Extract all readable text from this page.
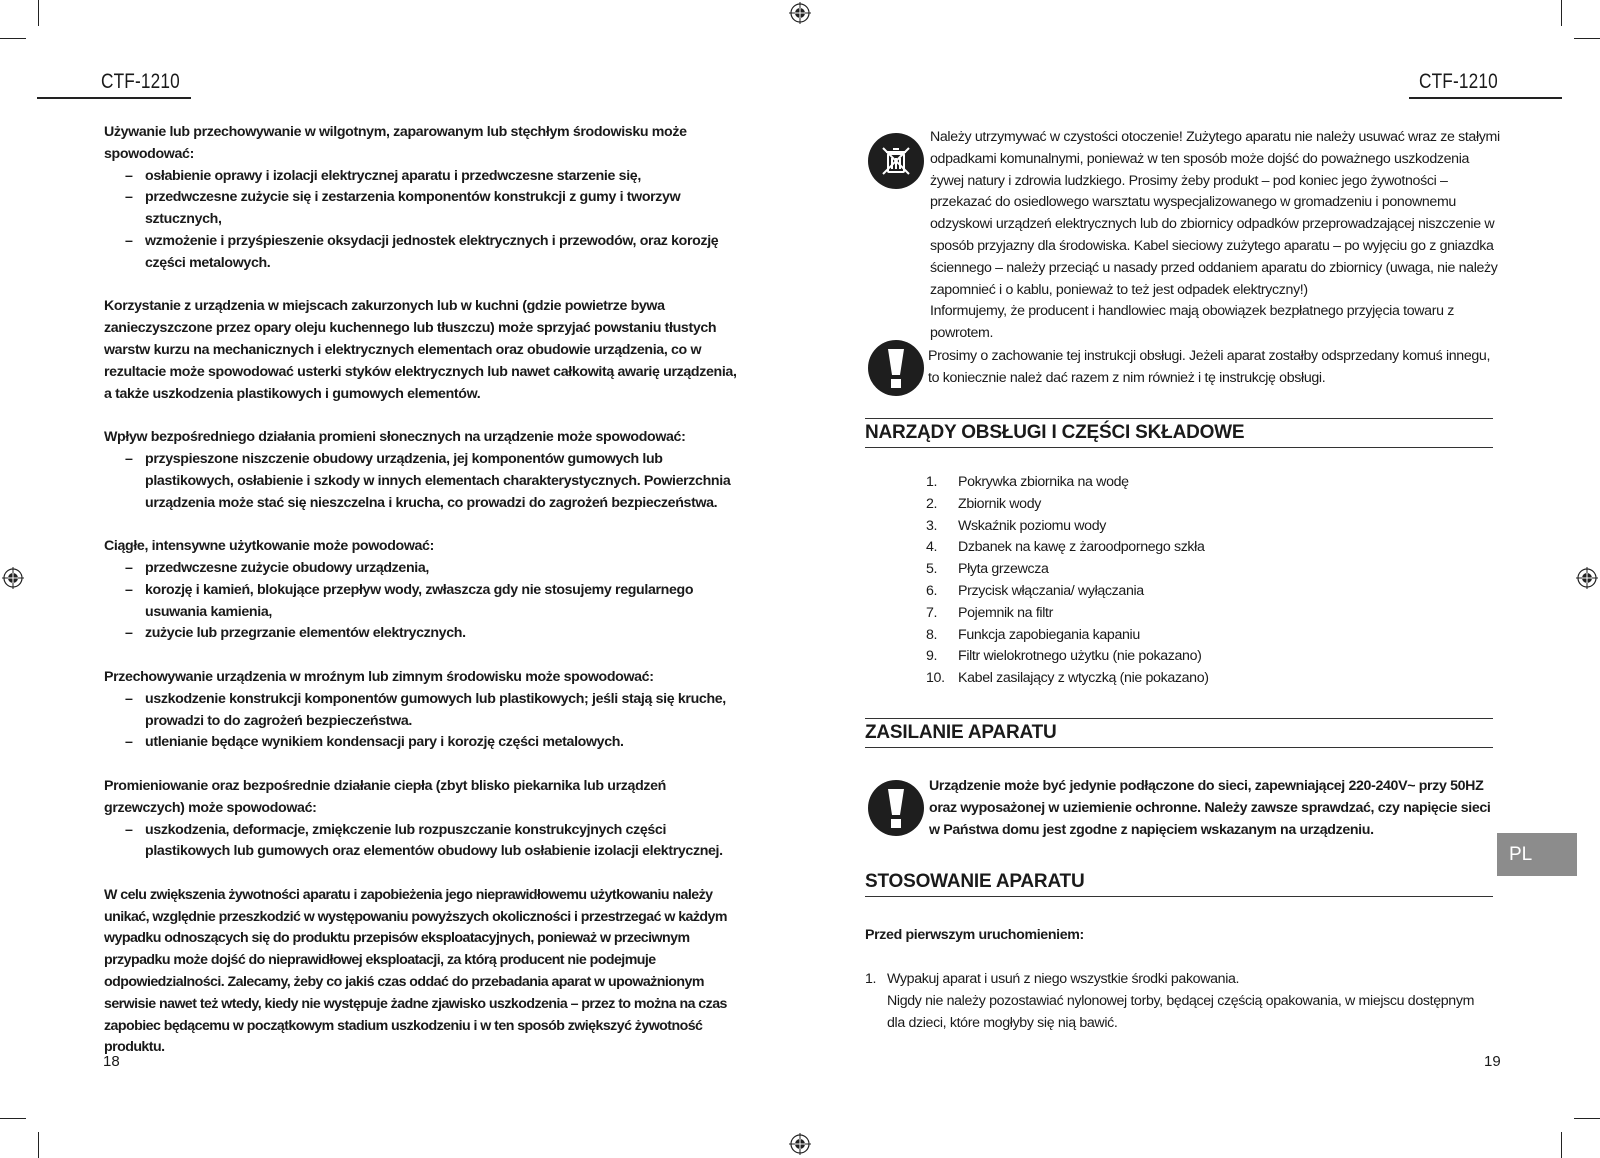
CTF-1210

Używanie lub przechowywanie w wilgotnym, zaparowanym lub stęchłym środowisku może spowodować:

– osłabienie oprawy i izolacji elektrycznej aparatu i przedwczesne starzenie się,
– przedwczesne zużycie się i zestarzenia komponentów konstrukcji z gumy i tworzyw sztucznych,
– wzmożenie i przyśpieszenie oksydacji jednostek elektrycznych i przewodów, oraz korozję części metalowych.

Korzystanie z urządzenia w miejscach zakurzonych lub w kuchni (gdzie powietrze bywa zanieczyszczone przez opary oleju kuchennego lub tłuszczu) może sprzyjać powstaniu tłustych warstw kurzu na mechanicznych i elektrycznych elementach oraz obudowie urządzenia, co w rezultacie może spowodować usterki styków elektrycznych lub nawet całkowitą awarię urządzenia, a także uszkodzenia plastikowych i gumowych elementów.

Wpływ bezpośredniego działania promieni słonecznych na urządzenie może spowodować:

– przyspieszone niszczenie obudowy urządzenia, jej komponentów gumowych lub plastikowych, osłabienie i szkody w innych elementach charakterystycznych. Powierzchnia urządzenia może stać się nieszczelna i krucha, co prowadzi do zagrożeń bezpieczeństwa.

Ciągłe, intensywne użytkowanie może powodować:

– przedwczesne zużycie obudowy urządzenia,
– korozję i kamień, blokujące przepływ wody, zwłaszcza gdy nie stosujemy regularnego usuwania kamienia,
– zużycie lub przegrzanie elementów elektrycznych.

Przechowywanie urządzenia w mroźnym lub zimnym środowisku może spowodować:

– uszkodzenie konstrukcji komponentów gumowych lub plastikowych; jeśli stają się kruche, prowadzi to do zagrożeń bezpieczeństwa.
– utlenianie będące wynikiem kondensacji pary i korozję części metalowych.

Promieniowanie oraz bezpośrednie działanie ciepła (zbyt blisko piekarnika lub urządzeń grzewczych) może spowodować:

– uszkodzenia, deformacje, zmiękczenie lub rozpuszczanie konstrukcyjnych części plastikowych lub gumowych oraz elementów obudowy lub osłabienie izolacji elektrycznej.

W celu zwiększenia żywotności aparatu i zapobieżenia jego nieprawidłowemu użytkowaniu należy unikać, względnie przeszkodzić w występowaniu powyższych okoliczności i przestrzegać w każdym wypadku odnoszących się do produktu przepisów eksploatacyjnych, ponieważ w przeciwnym przypadku może dojść do nieprawidłowej eksploatacji, za którą producent nie podejmuje odpowiedzialności. Zalecamy, żeby co jakiś czas oddać do przebadania aparat w upoważnionym serwisie nawet też wtedy, kiedy nie występuje żadne zjawisko uszkodzenia – przez to można na czas zapobiec będącemu w początkowym stadium uszkodzeniu i w ten sposób zwiększyć żywotność produktu.

18
CTF-1210

Należy utrzymywać w czystości otoczenie! Zużytego aparatu nie należy usuwać wraz ze stałymi odpadkami komunalnymi, ponieważ w ten sposób może dojść do poważnego uszkodzenia żywej natury i zdrowia ludzkiego. Prosimy żeby produkt – pod koniec jego żywotności – przekazać do osiedlowego warsztatu wyspecjalizowanego w gromadzeniu i ponownemu odzyskowi urządzeń elektrycznych lub do zbiornicy odpadków przeprowadzającej niszczenie w sposób przyjazny dla środowiska. Kabel sieciowy zużytego aparatu – po wyjęciu go z gniazdka ściennego – należy przeciąć u nasady przed oddaniem aparatu do zbiornicy (uwaga, nie należy zapomnieć i o kablu, ponieważ to też jest odpadek elektryczny!)

Informujemy, że producent i handlowiec mają obowiązek bezpłatnego przyjęcia towaru z powrotem.

Prosimy o zachowanie tej instrukcji obsługi. Jeżeli aparat zostałby odsprzedany komuś innegu, to koniecznie należ dać razem z nim również i tę instrukcję obsługi.

NARZĄDY OBSŁUGI I CZĘŚCI SKŁADOWE
1.	Pokrywka zbiornika na wodę
2.	Zbiornik wody
3.	Wskaźnik poziomu wody
4.	Dzbanek na kawę z żaroodpornego szkła
5.	Płyta grzewcza
6.	Przycisk włączania/ wyłączania
7.	Pojemnik na filtr
8.	Funkcja zapobiegania kapaniu
9.	Filtr wielokrotnego użytku (nie pokazano)
10. Kabel zasilający z wtyczką (nie pokazano)
ZASILANIE APARATU

Urządzenie może być jedynie podłączone do sieci, zapewniającej 220-240V~ przy 50HZ oraz wyposażonej w uziemienie ochronne. Należy zawsze sprawdzać, czy napięcie sieci w Państwa domu jest zgodne z napięciem wskazanym na urządzeniu.

STOSOWANIE APARATU
Przed pierwszym uruchomieniem:
1. Wypakuj aparat i usuń z niego wszystkie środki pakowania.

Nigdy nie należy pozostawiać nylonowej torby, będącej częścią opakowania, w miejscu dostępnym dla dzieci, które mogłyby się nią bawić.

PL
19
